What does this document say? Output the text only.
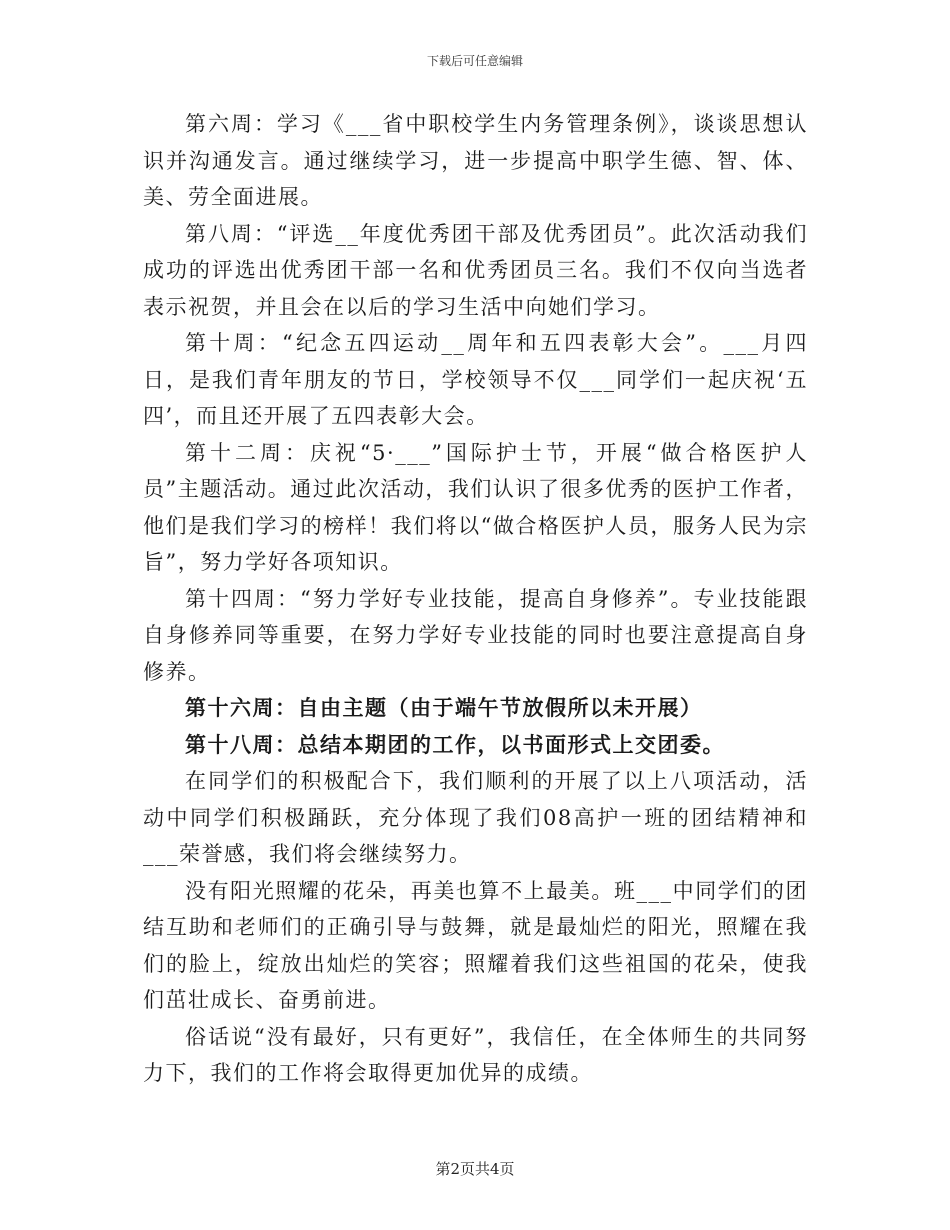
下载后可任意编辑

第六周：学习《___省中职校学生内务管理条例》，谈谈思想认识并沟通发言。通过继续学习，进一步提高中职学生德、智、体、美、劳全面进展。

第八周：“评选__年度优秀团干部及优秀团员”。此次活动我们成功的评选出优秀团干部一名和优秀团员三名。我们不仅向当选者表示祝贺，并且会在以后的学习生活中向她们学习。

第十周：“纪念五四运动__周年和五四表彰大会”。___月四日，是我们青年朋友的节日，学校领导不仅___同学们一起庆祝‘五四’，而且还开展了五四表彰大会。

第十二周：庆祝“5·___”国际护士节，开展“做合格医护人员”主题活动。通过此次活动，我们认识了很多优秀的医护工作者，他们是我们学习的榜样！我们将以“做合格医护人员，服务人民为宗旨”，努力学好各项知识。

第十四周：“努力学好专业技能，提高自身修养”。专业技能跟自身修养同等重要，在努力学好专业技能的同时也要注意提高自身修养。

第十六周：自由主题（由于端午节放假所以未开展）

第十八周：总结本期团的工作，以书面形式上交团委。

在同学们的积极配合下，我们顺利的开展了以上八项活动，活动中同学们积极踊跃，充分体现了我们08高护一班的团结精神和___荣誉感，我们将会继续努力。

没有阳光照耀的花朵，再美也算不上最美。班___中同学们的团结互助和老师们的正确引导与鼓舞，就是最灿烂的阳光，照耀在我们的脸上，绽放出灿烂的笑容；照耀着我们这些祖国的花朵，使我们茁壮成长、奋勇前进。

俗话说“没有最好，只有更好”，我信任，在全体师生的共同努力下，我们的工作将会取得更加优异的成绩。

第2页共4页
